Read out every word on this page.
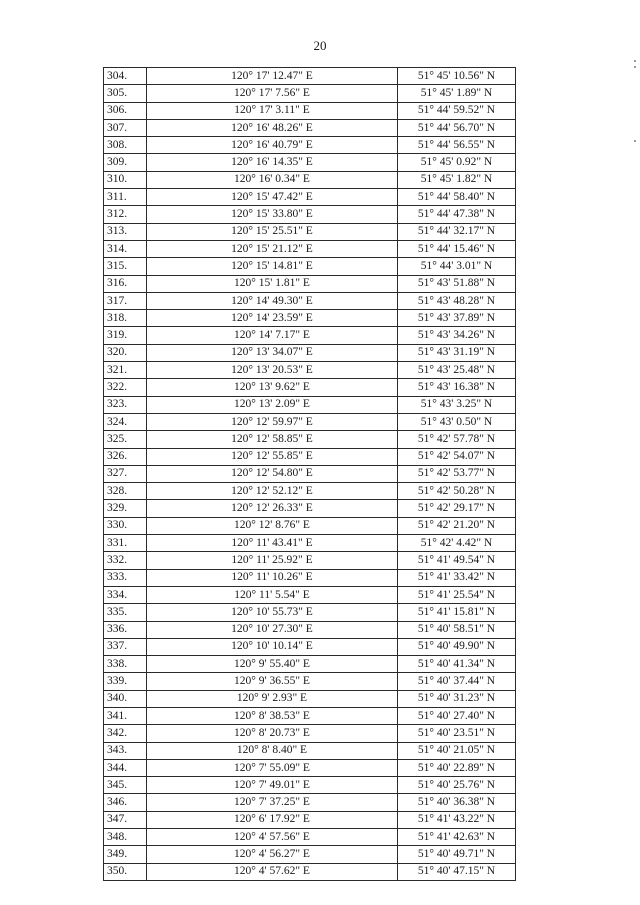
20
304.	120° 17' 12.47" E	51° 45' 10.56" N
305.	120° 17' 7.56" E	51° 45' 1.89" N
306.	120° 17' 3.11" E	51° 44' 59.52" N
307.	120° 16' 48.26" E	51° 44' 56.70" N
308.	120° 16' 40.79" E	51° 44' 56.55" N
309.	120° 16' 14.35" E	51° 45' 0.92" N
310.	120° 16' 0.34" E	51° 45' 1.82" N
311.	120° 15' 47.42" E	51° 44' 58.40" N
312.	120° 15' 33.80" E	51° 44' 47.38" N
313.	120° 15' 25.51" E	51° 44' 32.17" N
314.	120° 15' 21.12" E	51° 44' 15.46" N
315.	120° 15' 14.81" E	51° 44' 3.01" N
316.	120° 15' 1.81" E	51° 43' 51.88" N
317.	120° 14' 49.30" E	51° 43' 48.28" N
318.	120° 14' 23.59" E	51° 43' 37.89" N
319.	120° 14' 7.17" E	51° 43' 34.26" N
320.	120° 13' 34.07" E	51° 43' 31.19" N
321.	120° 13' 20.53" E	51° 43' 25.48" N
322.	120° 13' 9.62" E	51° 43' 16.38" N
323.	120° 13' 2.09" E	51° 43' 3.25" N
324.	120° 12' 59.97" E	51° 43' 0.50" N
325.	120° 12' 58.85" E	51° 42' 57.78" N
326.	120° 12' 55.85" E	51° 42' 54.07" N
327.	120° 12' 54.80" E	51° 42' 53.77" N
328.	120° 12' 52.12" E	51° 42' 50.28" N
329.	120° 12' 26.33" E	51° 42' 29.17" N
330.	120° 12' 8.76" E	51° 42' 21.20" N
331.	120° 11' 43.41" E	51° 42' 4.42" N
332.	120° 11' 25.92" E	51° 41' 49.54" N
333.	120° 11' 10.26" E	51° 41' 33.42" N
334.	120° 11' 5.54" E	51° 41' 25.54" N
335.	120° 10' 55.73" E	51° 41' 15.81" N
336.	120° 10' 27.30" E	51° 40' 58.51" N
337.	120° 10' 10.14" E	51° 40' 49.90" N
338.	120° 9' 55.40" E	51° 40' 41.34" N
339.	120° 9' 36.55" E	51° 40' 37.44" N
340.	120° 9' 2.93" E	51° 40' 31.23" N
341.	120° 8' 38.53" E	51° 40' 27.40" N
342.	120° 8' 20.73" E	51° 40' 23.51" N
343.	120° 8' 8.40" E	51° 40' 21.05" N
344.	120° 7' 55.09" E	51° 40' 22.89" N
345.	120° 7' 49.01" E	51° 40' 25.76" N
346.	120° 7' 37.25" E	51° 40' 36.38" N
347.	120° 6' 17.92" E	51° 41' 43.22" N
348.	120° 4' 57.56" E	51° 41' 42.63" N
349.	120° 4' 56.27" E	51° 40' 49.71" N
350.	120° 4' 57.62" E	51° 40' 47.15" N
